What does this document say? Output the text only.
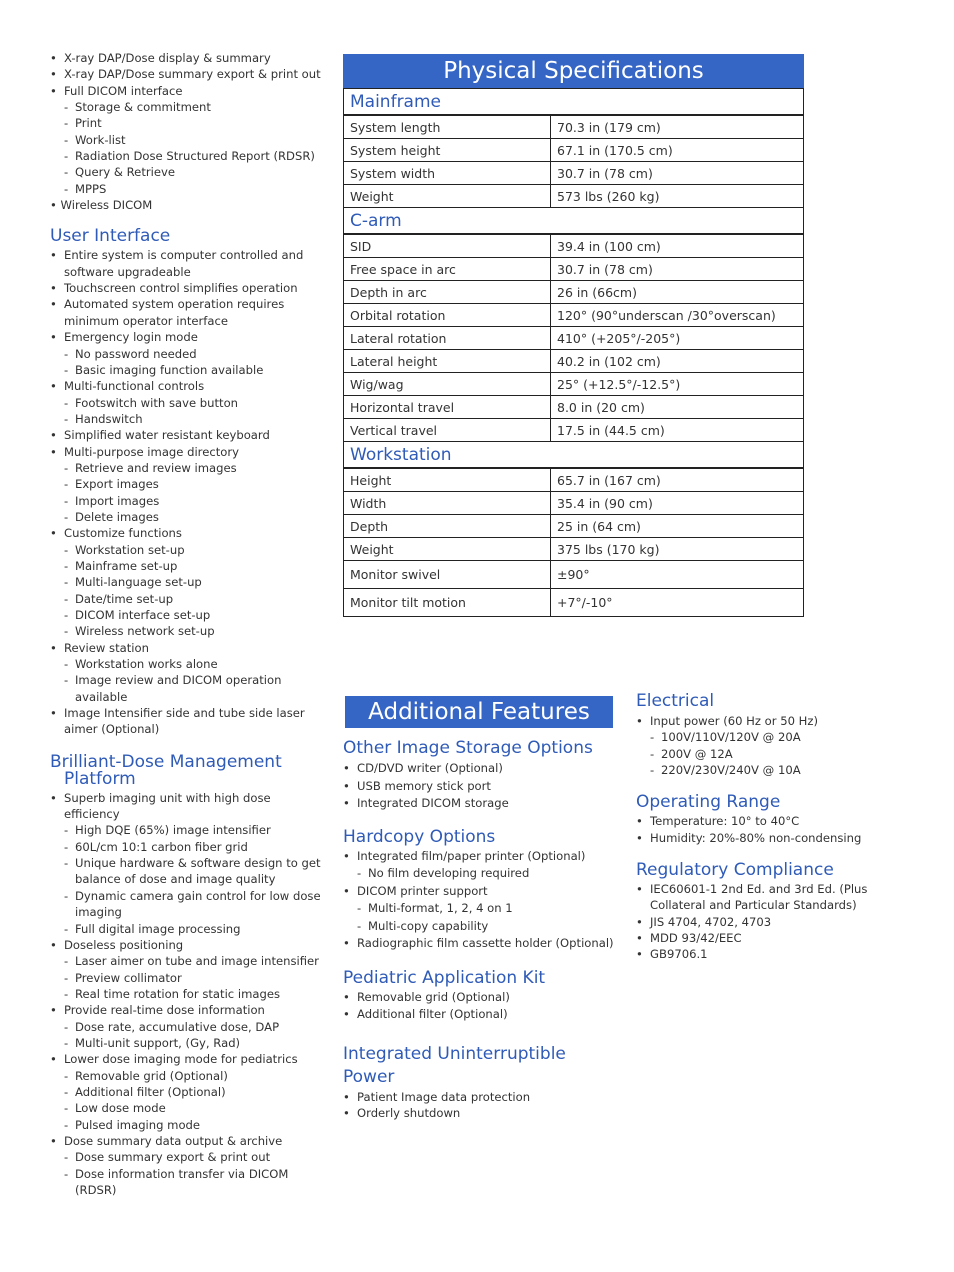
• X-ray DAP/Dose display & summary
• X-ray DAP/Dose summary export & print out
• Full DICOM interface
- Storage & commitment
- Print
- Work-list
- Radiation Dose Structured Report (RDSR)
- Query & Retrieve
- MPPS
• Wireless DICOM
User Interface
• Entire system is computer controlled and software upgradeable
• Touchscreen control simplifies operation
• Automated system operation requires minimum operator interface
• Emergency login mode
- No password needed
- Basic imaging function available
• Multi-functional controls
- Footswitch with save button
- Handswitch
• Simplified water resistant keyboard
• Multi-purpose image directory
- Retrieve and review images
- Export images
- Import images
- Delete images
• Customize functions
- Workstation set-up
- Mainframe set-up
- Multi-language set-up
- Date/time set-up
- DICOM interface set-up
- Wireless network set-up
• Review station
- Workstation works alone
- Image review and DICOM operation available
• Image Intensifier side and tube side laser aimer (Optional)
Brilliant-Dose Management
Platform
• Superb imaging unit with high dose efficiency
- High DQE (65%) image intensifier
- 60L/cm 10:1 carbon fiber grid
- Unique hardware & software design to get balance of dose and image quality
- Dynamic camera gain control for low dose imaging
- Full digital image processing
• Doseless positioning
- Laser aimer on tube and image intensifier
- Preview collimator
- Real time rotation for static images
• Provide real-time dose information
- Dose rate, accumulative dose, DAP
- Multi-unit support, (Gy, Rad)
• Lower dose imaging mode for pediatrics
- Removable grid (Optional)
- Additional filter (Optional)
- Low dose mode
- Pulsed imaging mode
• Dose summary data output & archive
- Dose summary export & print out
- Dose information transfer via DICOM (RDSR)
Physical Specifications
Mainframe	
System length	70.3 in (179 cm)
System height	67.1 in (170.5 cm)
System width	30.7 in (78 cm)
Weight	573 lbs (260 kg)
C-arm	
SID	39.4 in (100 cm)
Free space in arc	30.7 in (78 cm)
Depth in arc	26 in (66cm)
Orbital rotation	120° (90°underscan /30°overscan)
Lateral rotation	410° (+205°/-205°)
Lateral height	40.2 in (102 cm)
Wig/wag	25° (+12.5°/-12.5°)
Horizontal travel	8.0 in (20 cm)
Vertical travel	17.5 in (44.5 cm)
Workstation	
Height	65.7 in (167 cm)
Width	35.4 in (90 cm)
Depth	25 in (64 cm)
Weight	375 lbs (170 kg)
Monitor swivel	±90°
Monitor tilt motion	+7°/-10°
Additional Features
Other Image Storage Options
• CD/DVD writer (Optional)
• USB memory stick port
• Integrated DICOM storage
Hardcopy Options
• Integrated film/paper printer (Optional)
- No film developing required
• DICOM printer support
- Multi-format, 1, 2, 4 on 1
- Multi-copy capability
• Radiographic film cassette holder (Optional)
Pediatric Application Kit
• Removable grid (Optional)
• Additional filter (Optional)
Integrated Uninterruptible
Power
• Patient Image data protection
• Orderly shutdown
Electrical
• Input power (60 Hz or 50 Hz)
- 100V/110V/120V @ 20A
- 200V @ 12A
- 220V/230V/240V @ 10A
Operating Range
• Temperature: 10° to 40°C
• Humidity: 20%-80% non-condensing
Regulatory Compliance
• IEC60601-1 2nd Ed. and 3rd Ed. (Plus Collateral and Particular Standards)
• JIS 4704, 4702, 4703
• MDD 93/42/EEC
• GB9706.1
